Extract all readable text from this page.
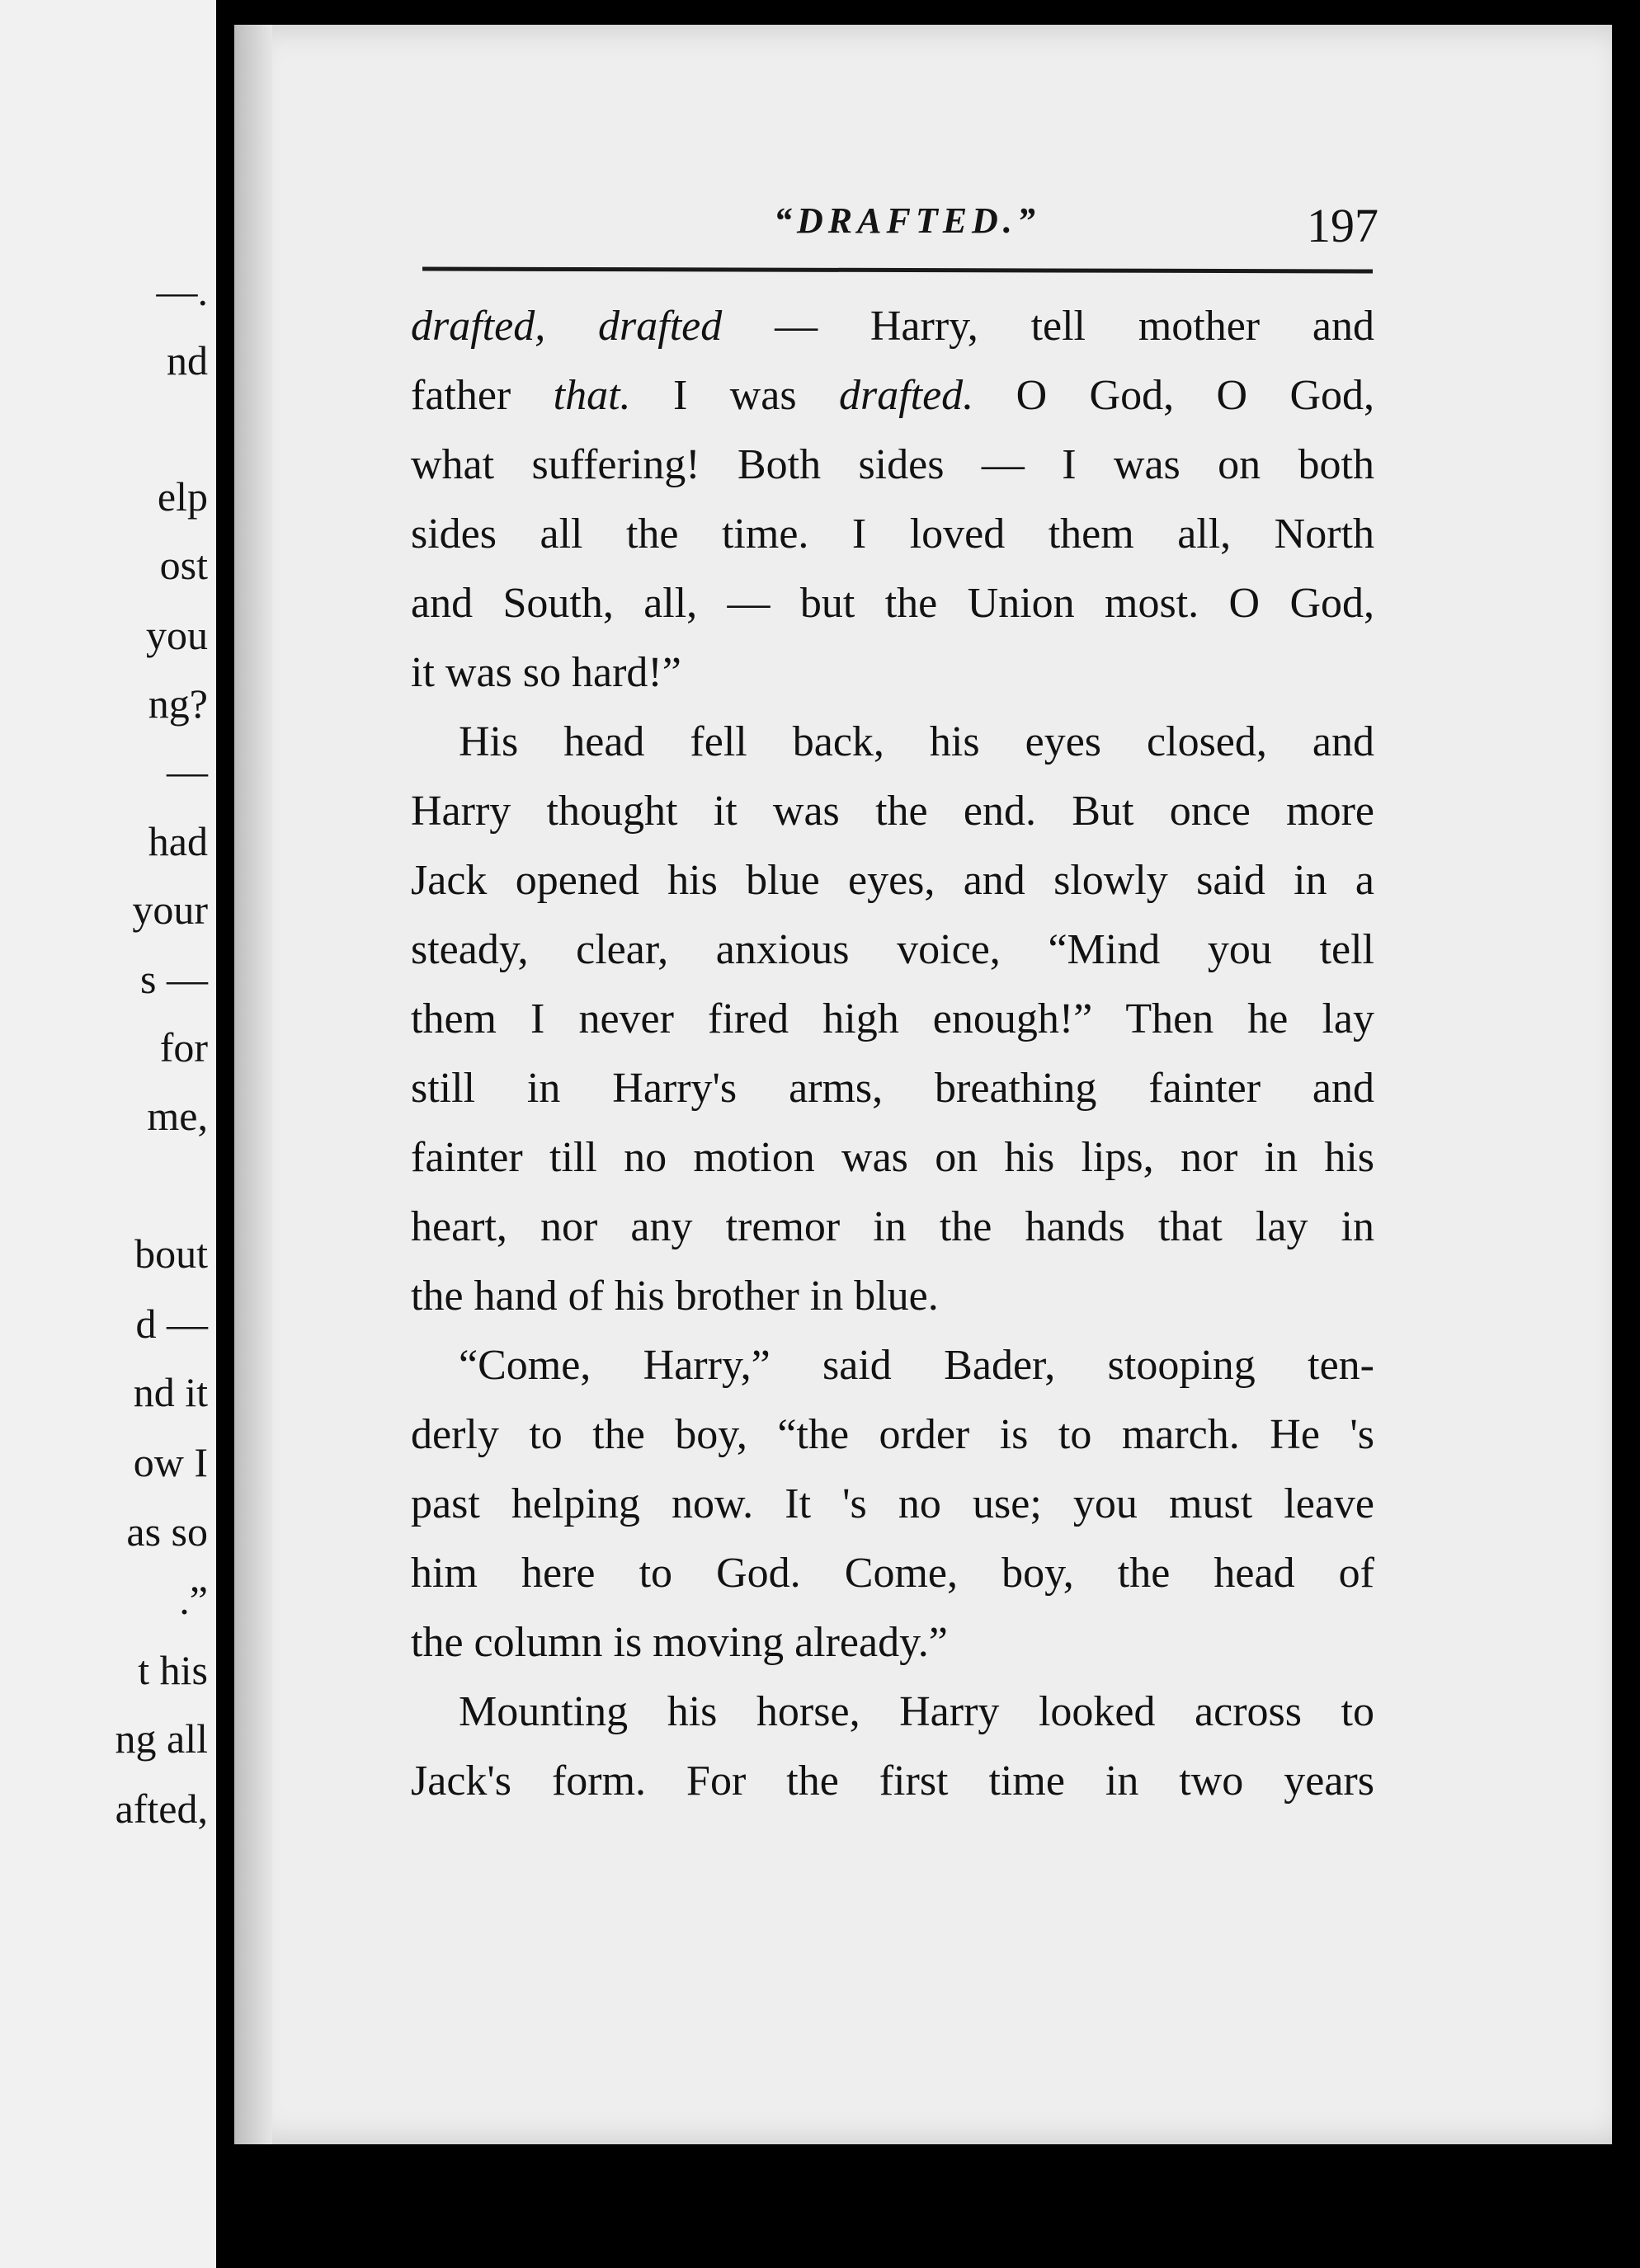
—.
nd
elp
ost
you
ng?
—
had
your
s —
for
me,
bout
d —
nd it
ow I
as so
.”
t his
ng all
afted,
“DRAFTED.”	197
drafted, drafted — Harry, tell mother and
father that. I was drafted. O God, O God,
what suffering! Both sides — I was on both
sides all the time. I loved them all, North
and South, all, — but the Union most. O God,
it was so hard!”
His head fell back, his eyes closed, and
Harry thought it was the end. But once more
Jack opened his blue eyes, and slowly said in a
steady, clear, anxious voice, “Mind you tell
them I never fired high enough!” Then he lay
still in Harry's arms, breathing fainter and
fainter till no motion was on his lips, nor in his
heart, nor any tremor in the hands that lay in
the hand of his brother in blue.
“Come, Harry,” said Bader, stooping ten-
derly to the boy, “the order is to march. He 's
past helping now. It 's no use; you must leave
him here to God. Come, boy, the head of
the column is moving already.”
Mounting his horse, Harry looked across to
Jack's form. For the first time in two years
